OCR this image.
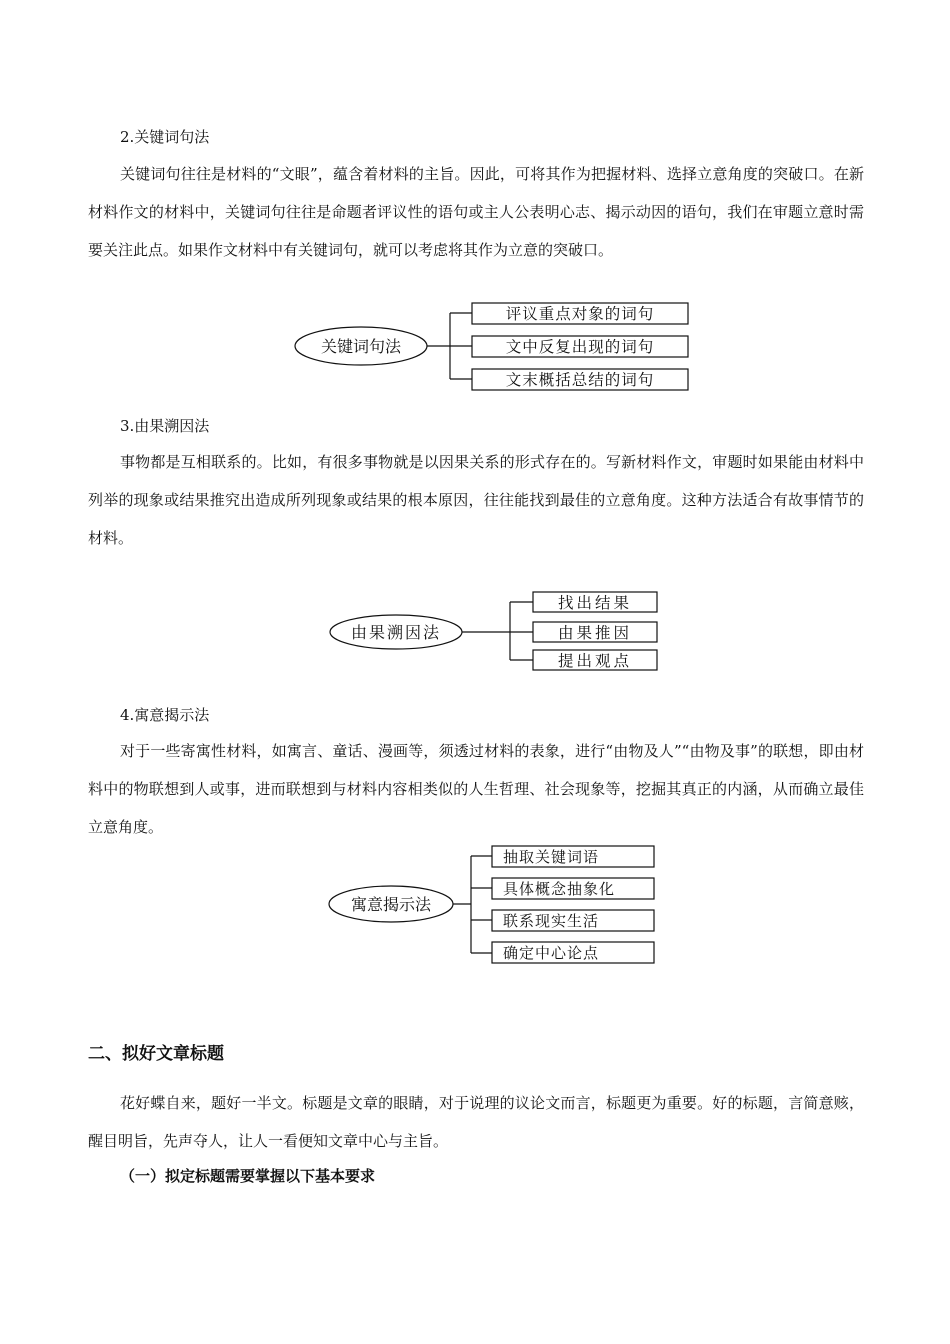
2.关键词句法

关键词句往往是材料的“文眼”，蕴含着材料的主旨。因此，可将其作为把握材料、选择立意角度的突破口。在新材料作文的材料中，关键词句往往是命题者评议性的语句或主人公表明心志、揭示动因的语句，我们在审题立意时需要关注此点。如果作文材料中有关键词句，就可以考虑将其作为立意的突破口。

关键词句法
评议重点对象的词句
文中反复出现的词句
文末概括总结的词句
3.由果溯因法

事物都是互相联系的。比如，有很多事物就是以因果关系的形式存在的。写新材料作文，审题时如果能由材料中列举的现象或结果推究出造成所列现象或结果的根本原因，往往能找到最佳的立意角度。这种方法适合有故事情节的材料。

由果溯因法
找出结果
由果推因
提出观点
4.寓意揭示法

对于一些寄寓性材料，如寓言、童话、漫画等，须透过材料的表象，进行“由物及人”“由物及事”的联想，即由材料中的物联想到人或事，进而联想到与材料内容相类似的人生哲理、社会现象等，挖掘其真正的内涵，从而确立最佳立意角度。

寓意揭示法
抽取关键词语
具体概念抽象化
联系现实生活
确定中心论点
二、拟好文章标题

花好蝶自来，题好一半文。标题是文章的眼睛，对于说理的议论文而言，标题更为重要。好的标题，言简意赅，醒目明旨，先声夺人，让人一看便知文章中心与主旨。

（一）拟定标题需要掌握以下基本要求
